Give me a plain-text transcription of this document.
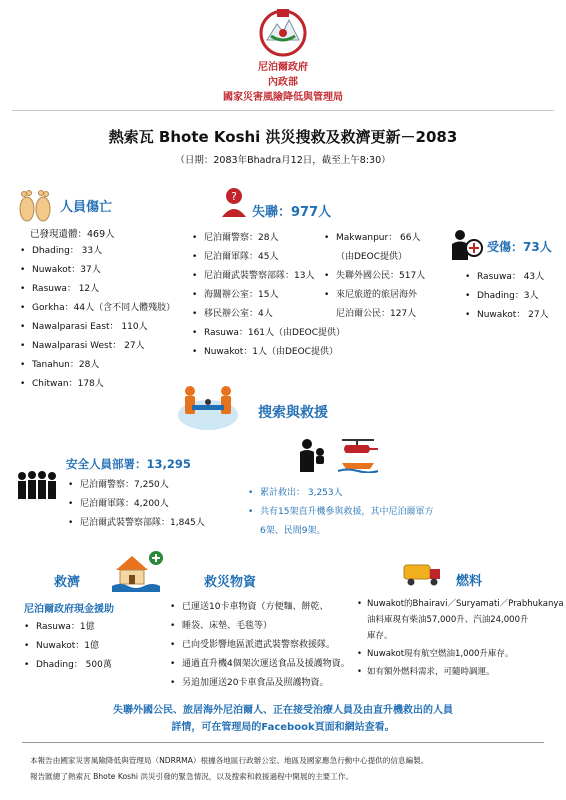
尼泊爾政府
內政部
國家災害風險降低與管理局
熱索瓦 Bhote Koshi 洪災搜救及救濟更新－2083
（日期：2083年Bhadra月12日，截至上午8:30）
人員傷亡
已發現遺體：469人
• Dhading： 33人
• Nuwakot：37人
• Rasuwa： 12人
• Gorkha：44人（含不同人體殘肢）
• Nawalparasi East： 110人
• Nawalparasi West： 27人
• Tanahun：28人
• Chitwan：178人
?
失聯：977人
• 尼泊爾警察：28人
• 尼泊爾軍隊：45人
• 尼泊爾武裝警察部隊：13人
• 海關辦公室：15人
• 移民辦公室：4人
• Rasuwa：161人（由DEOC提供）
• Nuwakot：1人（由DEOC提供）
• Makwanpur： 66人
（由DEOC提供）
• 失聯外國公民：517人
• 來尼旅遊的旅居海外
尼泊爾公民：127人
受傷：73人
• Rasuwa： 43人
• Dhading：3人
• Nuwakot： 27人
搜索與救援
安全人員部署：13,295
• 尼泊爾警察：7,250人
• 尼泊爾軍隊：4,200人
• 尼泊爾武裝警察部隊：1,845人
• 累計救出： 3,253人
• 共有15架直升機參與救援，其中尼泊爾軍方
6架、民間9架。
救濟
尼泊爾政府現金援助
• Rasuwa：1億
• Nuwakot：1億
• Dhading： 500萬
救災物資
• 已運送10卡車物資（方便麵、餅乾、
• 睡袋、床墊、毛毯等）
• 已向受影響地區派遣武裝警察救援隊。
• 通過直升機4個架次運送食品及援護物資。
• 另追加運送20卡車食品及照護物資。
燃料
• Nuwakot的Bhairavi／Suryamati／Prabhukanya
油料庫現有柴油57,000升、汽油24,000升
庫存。
• Nuwakot現有航空燃油1,000升庫存。
• 如有額外燃料需求，可隨時調運。
失聯外國公民、旅居海外尼泊爾人、正在接受治療人員及由直升機救出的人員
詳情，可在管理局的Facebook頁面和網站查看。
本報告由國家災害風險降低與管理局（NDRRMA）根據各地區行政辦公室、地區及國家應急行動中心提供的信息編製。
報告匯總了熱索瓦 Bhote Koshi 洪災引發的緊急情況，以及搜索和救援過程中開展的主要工作。
